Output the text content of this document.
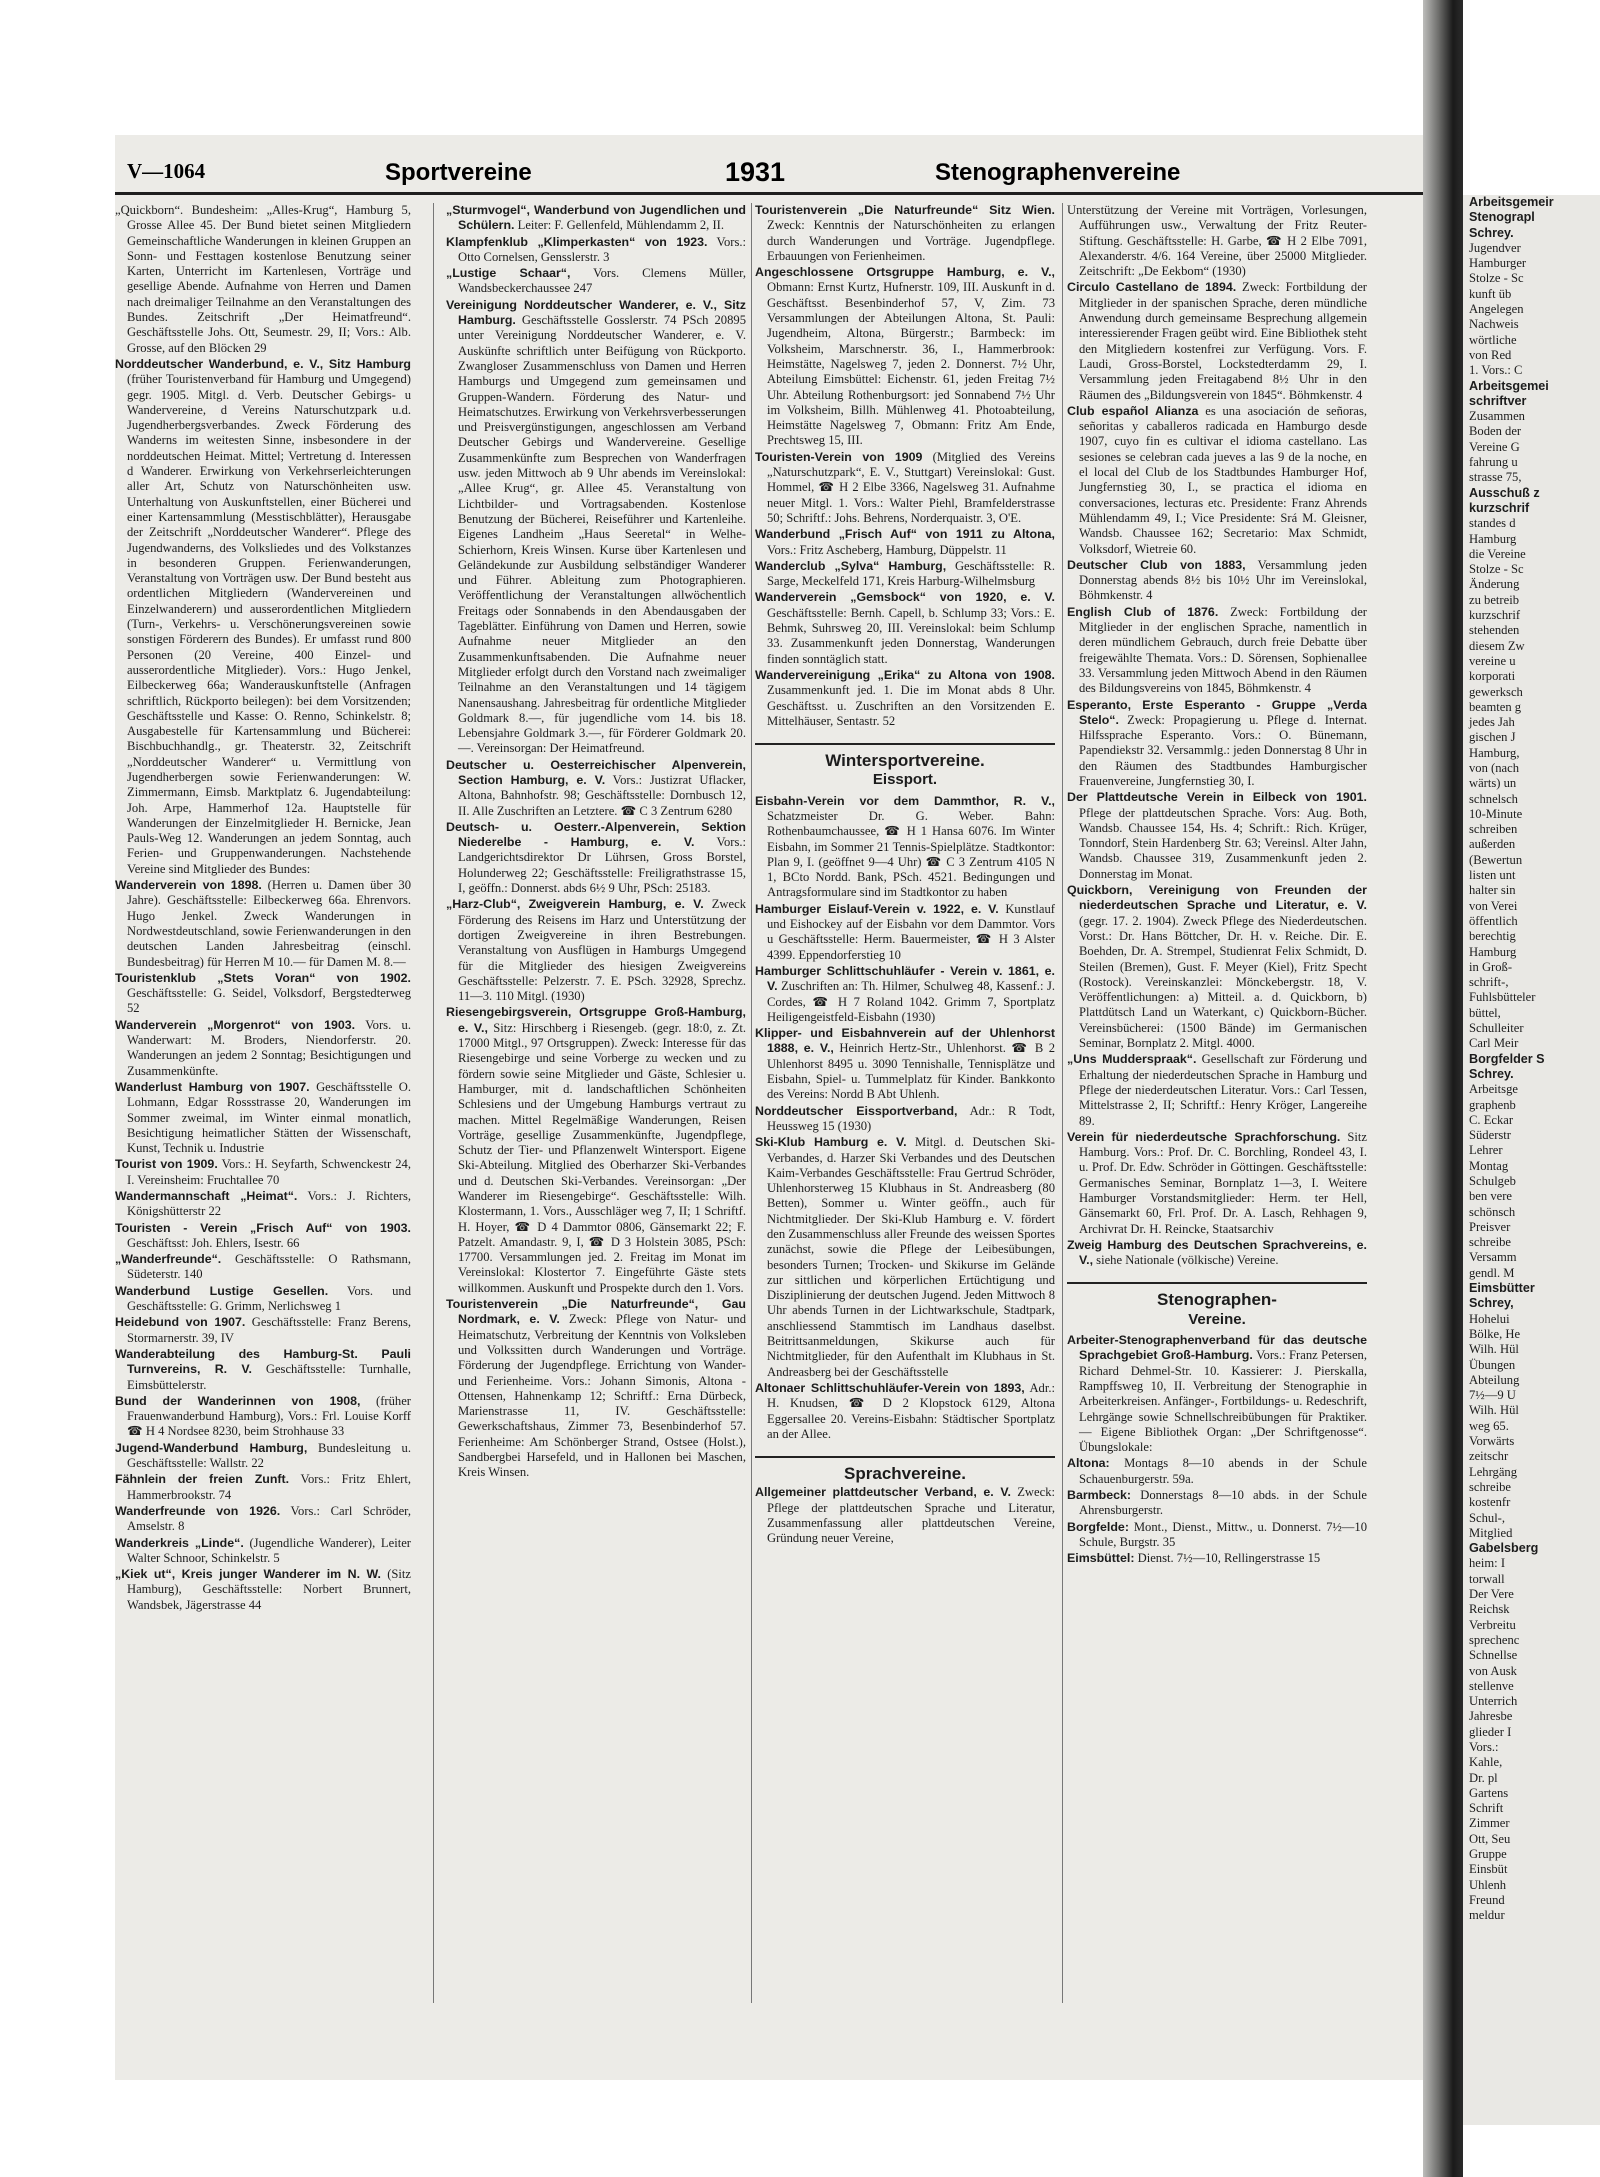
V—1064	Sportvereine	1931	Stenographenvereine
„Quickborn“. Bundesheim: „Alles-Krug“, Hamburg 5, Grosse Allee 45. Der Bund bietet seinen Mitgliedern Gemeinschaftliche Wanderungen in kleinen Gruppen an Sonn- und Festtagen kostenlose Benutzung seiner Karten, Unterricht im Kartenlesen, Vorträge und gesellige Abende. Aufnahme von Herren und Damen nach dreimaliger Teilnahme an den Veranstaltungen des Bundes. Zeitschrift „Der Heimatfreund“. Geschäftsstelle Johs. Ott, Seumestr. 29, II; Vors.: Alb. Grosse, auf den Blöcken 29
Norddeutscher Wanderbund, e. V., Sitz Hamburg (früher Touristenverband für Hamburg und Umgegend) gegr. 1905. Mitgl. d. Verb. Deutscher Gebirgs- u Wandervereine, d Vereins Naturschutzpark u.d. Jugendherbergsverbandes. Zweck Förderung des Wanderns im weitesten Sinne, insbesondere in der norddeutschen Heimat. Mittel; Vertretung d. Interessen d Wanderer. Erwirkung von Verkehrserleichterungen aller Art, Schutz von Naturschönheiten usw. Unterhaltung von Auskunftstellen, einer Bücherei und einer Kartensammlung (Messtischblätter), Herausgabe der Zeitschrift „Norddeutscher Wanderer“. Pflege des Jugendwanderns, des Volksliedes und des Volkstanzes in besonderen Gruppen. Ferienwanderungen, Veranstaltung von Vorträgen usw. Der Bund besteht aus ordentlichen Mitgliedern (Wandervereinen und Einzelwanderern) und ausserordentlichen Mitgliedern (Turn-, Verkehrs- u. Verschönerungsvereinen sowie sonstigen Förderern des Bundes). Er umfasst rund 800 Personen (20 Vereine, 400 Einzel- und ausserordentliche Mitglieder). Vors.: Hugo Jenkel, Eilbeckerweg 66a; Wanderauskunftstelle (Anfragen schriftlich, Rückporto beilegen): bei dem Vorsitzenden; Geschäftsstelle und Kasse: O. Renno, Schinkelstr. 8; Ausgabestelle für Kartensammlung und Bücherei: Bischbuchhandlg., gr. Theaterstr. 32, Zeitschrift „Norddeutscher Wanderer“ u. Vermittlung von Jugendherbergen sowie Ferienwanderungen: W. Zimmermann, Eimsb. Marktplatz 6. Jugendabteilung: Joh. Arpe, Hammerhof 12a. Hauptstelle für Wanderungen der Einzelmitglieder H. Bernicke, Jean Pauls-Weg 12. Wanderungen an jedem Sonntag, auch Ferien- und Gruppenwanderungen. Nachstehende Vereine sind Mitglieder des Bundes:
Wanderverein von 1898. (Herren u. Damen über 30 Jahre). Geschäftsstelle: Eilbeckerweg 66a. Ehrenvors. Hugo Jenkel. Zweck Wanderungen in Nordwestdeutschland, sowie Ferienwanderungen in den deutschen Landen Jahresbeitrag (einschl. Bundesbeitrag) für Herren M 10.— für Damen M. 8.—
Touristenklub „Stets Voran“ von 1902. Geschäftsstelle: G. Seidel, Volksdorf, Bergstedterweg 52
Wanderverein „Morgenrot“ von 1903. Vors. u. Wanderwart: M. Broders, Niendorferstr. 20. Wanderungen an jedem 2 Sonntag; Besichtigungen und Zusammenkünfte.
Wanderlust Hamburg von 1907. Geschäftsstelle O. Lohmann, Edgar Rossstrasse 20, Wanderungen im Sommer zweimal, im Winter einmal monatlich, Besichtigung heimatlicher Stätten der Wissenschaft, Kunst, Technik u. Industrie
Tourist von 1909. Vors.: H. Seyfarth, Schwenckestr 24, I. Vereinsheim: Fruchtallee 70
Wandermannschaft „Heimat“. Vors.: J. Richters, Königshütterstr 22
Touristen - Verein „Frisch Auf“ von 1903. Geschäftsst: Joh. Ehlers, Isestr. 66
„Wanderfreunde“. Geschäftsstelle: O Rathsmann, Südeterstr. 140
Wanderbund Lustige Gesellen. Vors. und Geschäftsstelle: G. Grimm, Nerlichsweg 1
Heidebund von 1907. Geschäftsstelle: Franz Berens, Stormarnerstr. 39, IV
Wanderabteilung des Hamburg-St. Pauli Turnvereins, R. V. Geschäftsstelle: Turnhalle, Eimsbüttelerstr.
Bund der Wanderinnen von 1908, (früher Frauenwanderbund Hamburg), Vors.: Frl. Louise Korff ☎ H 4 Nordsee 8230, beim Strohhause 33
Jugend-Wanderbund Hamburg, Bundesleitung u. Geschäftsstelle: Wallstr. 22
Fähnlein der freien Zunft. Vors.: Fritz Ehlert, Hammerbrookstr. 74
Wanderfreunde von 1926. Vors.: Carl Schröder, Amselstr. 8
Wanderkreis „Linde“. (Jugendliche Wanderer), Leiter Walter Schnoor, Schinkelstr. 5
„Kiek ut“, Kreis junger Wanderer im N. W. (Sitz Hamburg), Geschäftsstelle: Norbert Brunnert, Wandsbek, Jägerstrasse 44
„Sturmvogel“, Wanderbund von Jugendlichen und Schülern. Leiter: F. Gellenfeld, Mühlendamm 2, II.
Klampfenklub „Klimperkasten“ von 1923. Vors.: Otto Cornelsen, Gensslerstr. 3
„Lustige Schaar“, Vors. Clemens Müller, Wandsbeckerchaussee 247
Vereinigung Norddeutscher Wanderer, e. V., Sitz Hamburg. Geschäftsstelle Gosslerstr. 74 PSch 20895 unter Vereinigung Norddeutscher Wanderer, e. V. Auskünfte schriftlich unter Beifügung von Rückporto. Zwangloser Zusammenschluss von Damen und Herren Hamburgs und Umgegend zum gemeinsamen und Gruppen-Wandern. Förderung des Natur- und Heimatschutzes. Erwirkung von Verkehrsverbesserungen und Preisvergünstigungen, angeschlossen am Verband Deutscher Gebirgs und Wandervereine. Gesellige Zusammenkünfte zum Besprechen von Wanderfragen usw. jeden Mittwoch ab 9 Uhr abends im Vereinslokal: „Allee Krug“, gr. Allee 45. Veranstaltung von Lichtbilder- und Vortragsabenden. Kostenlose Benutzung der Bücherei, Reiseführer und Kartenleihe. Eigenes Landheim „Haus Seeretal“ in Welhe-Schierhorn, Kreis Winsen. Kurse über Kartenlesen und Geländekunde zur Ausbildung selbständiger Wanderer und Führer. Ableitung zum Photographieren. Veröffentlichung der Veranstaltungen allwöchentlich Freitags oder Sonnabends in den Abendausgaben der Tageblätter. Einführung von Damen und Herren, sowie Aufnahme neuer Mitglieder an den Zusammenkunftsabenden. Die Aufnahme neuer Mitglieder erfolgt durch den Vorstand nach zweimaliger Teilnahme an den Veranstaltungen und 14 tägigem Nanensaushang. Jahresbeitrag für ordentliche Mitglieder Goldmark 8.—, für jugendliche vom 14. bis 18. Lebensjahre Goldmark 3.—, für Förderer Goldmark 20.—. Vereinsorgan: Der Heimatfreund.
Deutscher u. Oesterreichischer Alpenverein, Section Hamburg, e. V. Vors.: Justizrat Uflacker, Altona, Bahnhofstr. 98; Geschäftsstelle: Dornbusch 12, II. Alle Zuschriften an Letztere. ☎ C 3 Zentrum 6280
Deutsch- u. Oesterr.-Alpenverein, Sektion Niederelbe - Hamburg, e. V. Vors.: Landgerichtsdirektor Dr Lührsen, Gross Borstel, Holunderweg 22; Geschäftsstelle: Freiligrathstrasse 15, I, geöffn.: Donnerst. abds 6½ 9 Uhr, PSch: 25183.
„Harz-Club“, Zweigverein Hamburg, e. V. Zweck Förderung des Reisens im Harz und Unterstützung der dortigen Zweigvereine in ihren Bestrebungen. Veranstaltung von Ausflügen in Hamburgs Umgegend für die Mitglieder des hiesigen Zweigvereins Geschäftsstelle: Pelzerstr. 7. E. PSch. 32928, Sprechz. 11—3. 110 Mitgl. (1930)
Riesengebirgsverein, Ortsgruppe Groß-Hamburg, e. V., Sitz: Hirschberg i Riesengeb. (gegr. 18:0, z. Zt. 17000 Mitgl., 97 Ortsgruppen). Zweck: Interesse für das Riesengebirge und seine Vorberge zu wecken und zu fördern sowie seine Mitglieder und Gäste, Schlesier u. Hamburger, mit d. landschaftlichen Schönheiten Schlesiens und der Umgebung Hamburgs vertraut zu machen. Mittel Regelmäßige Wanderungen, Reisen Vorträge, gesellige Zusammenkünfte, Jugendpflege, Schutz der Tier- und Pflanzenwelt Wintersport. Eigene Ski-Abteilung. Mitglied des Oberharzer Ski-Verbandes und d. Deutschen Ski-Verbandes. Vereinsorgan: „Der Wanderer im Riesengebirge“. Geschäftsstelle: Wilh. Klostermann, 1. Vors., Ausschläger weg 7, II; 1 Schriftf. H. Hoyer, ☎ D 4 Dammtor 0806, Gänsemarkt 22; F. Patzelt. Amandastr. 9, I, ☎ D 3 Holstein 3085, PSch: 17700. Versammlungen jed. 2. Freitag im Monat im Vereinslokal: Klostertor 7. Eingeführte Gäste stets willkommen. Auskunft und Prospekte durch den 1. Vors.
Touristenverein „Die Naturfreunde“, Gau Nordmark, e. V. Zweck: Pflege von Natur- und Heimatschutz, Verbreitung der Kenntnis von Volksleben und Volkssitten durch Wanderungen und Vorträge. Förderung der Jugendpflege. Errichtung von Wander- und Ferienheime. Vors.: Johann Simonis, Altona - Ottensen, Hahnenkamp 12; Schriftf.: Erna Dürbeck, Marienstrasse 11, IV. Geschäftsstelle: Gewerkschaftshaus, Zimmer 73, Besenbinderhof 57. Ferienheime: Am Schönberger Strand, Ostsee (Holst.), Sandbergbei Harsefeld, und in Hallonen bei Maschen, Kreis Winsen.
Touristenverein „Die Naturfreunde“ Sitz Wien. Zweck: Kenntnis der Naturschönheiten zu erlangen durch Wanderungen und Vorträge. Jugendpflege. Erbauungen von Ferienheimen.
Angeschlossene Ortsgruppe Hamburg, e. V., Obmann: Ernst Kurtz, Hufnerstr. 109, III. Auskunft in d. Geschäftsst. Besenbinderhof 57, V, Zim. 73 Versammlungen der Abteilungen Altona, St. Pauli: Jugendheim, Altona, Bürgerstr.; Barmbeck: im Volksheim, Marschnerstr. 36, I., Hammerbrook: Heimstätte, Nagelsweg 7, jeden 2. Donnerst. 7½ Uhr, Abteilung Eimsbüttel: Eichenstr. 61, jeden Freitag 7½ Uhr. Abteilung Rothenburgsort: jed Sonnabend 7½ Uhr im Volksheim, Billh. Mühlenweg 41. Photoabteilung, Heimstätte Nagelsweg 7, Obmann: Fritz Am Ende, Prechtsweg 15, III.
Touristen-Verein von 1909 (Mitglied des Vereins „Naturschutzpark“, E. V., Stuttgart) Vereinslokal: Gust. Hommel, ☎ H 2 Elbe 3366, Nagelsweg 31. Aufnahme neuer Mitgl. 1. Vors.: Walter Piehl, Bramfelderstrasse 50; Schriftf.: Johs. Behrens, Norderquaistr. 3, O'E.
Wanderbund „Frisch Auf“ von 1911 zu Altona, Vors.: Fritz Ascheberg, Hamburg, Düppelstr. 11
Wanderclub „Sylva“ Hamburg, Geschäftsstelle: R. Sarge, Meckelfeld 171, Kreis Harburg-Wilhelmsburg
Wanderverein „Gemsbock“ von 1920, e. V. Geschäftsstelle: Bernh. Capell, b. Schlump 33; Vors.: E. Behmk, Suhrsweg 20, III. Vereinslokal: beim Schlump 33. Zusammenkunft jeden Donnerstag, Wanderungen finden sonntäglich statt.
Wandervereinigung „Erika“ zu Altona von 1908. Zusammenkunft jed. 1. Die im Monat abds 8 Uhr. Geschäftsst. u. Zuschriften an den Vorsitzenden E. Mittelhäuser, Sentastr. 52
Wintersportvereine.
Eissport.
Eisbahn-Verein vor dem Dammthor, R. V., Schatzmeister Dr. G. Weber. Bahn: Rothenbaumchaussee, ☎ H 1 Hansa 6076. Im Winter Eisbahn, im Sommer 21 Tennis-Spielplätze. Stadtkontor: Plan 9, I. (geöffnet 9—4 Uhr) ☎ C 3 Zentrum 4105 N 1, BCto Nordd. Bank, PSch. 4521. Bedingungen und Antragsformulare sind im Stadtkontor zu haben
Hamburger Eislauf-Verein v. 1922, e. V. Kunstlauf und Eishockey auf der Eisbahn vor dem Dammtor. Vors u Geschäftsstelle: Herm. Bauermeister, ☎ H 3 Alster 4399. Eppendorferstieg 10
Hamburger Schlittschuhläufer - Verein v. 1861, e. V. Zuschriften an: Th. Hilmer, Schulweg 48, Kassenf.: J. Cordes, ☎ H 7 Roland 1042. Grimm 7, Sportplatz Heiligengeistfeld-Eisbahn (1930)
Klipper- und Eisbahnverein auf der Uhlenhorst 1888, e. V., Heinrich Hertz-Str., Uhlenhorst. ☎ B 2 Uhlenhorst 8495 u. 3090 Tennishalle, Tennisplätze und Eisbahn, Spiel- u. Tummelplatz für Kinder. Bankkonto des Vereins: Nordd B Abt Uhlenh.
Norddeutscher Eissportverband, Adr.: R Todt, Heussweg 15 (1930)
Ski-Klub Hamburg e. V. Mitgl. d. Deutschen Ski-Verbandes, d. Harzer Ski Verbandes und des Deutschen Kaim-Verbandes Geschäftsstelle: Frau Gertrud Schröder, Uhlenhorsterweg 15 Klubhaus in St. Andreasberg (80 Betten), Sommer u. Winter geöffn., auch für Nichtmitglieder. Der Ski-Klub Hamburg e. V. fördert den Zusammenschluss aller Freunde des weissen Sportes zunächst, sowie die Pflege der Leibesübungen, besonders Turnen; Trocken- und Skikurse im Gelände zur sittlichen und körperlichen Ertüchtigung und Disziplinierung der deutschen Jugend. Jeden Mittwoch 8 Uhr abends Turnen in der Lichtwarkschule, Stadtpark, anschliessend Stammtisch im Landhaus daselbst. Beitrittsanmeldungen, Skikurse auch für Nichtmitglieder, für den Aufenthalt im Klubhaus in St. Andreasberg bei der Geschäftsstelle
Altonaer Schlittschuhläufer-Verein von 1893, Adr.: H. Knudsen, ☎ D 2 Klopstock 6129, Altona Eggersallee 20. Vereins-Eisbahn: Städtischer Sportplatz an der Allee.
Sprachvereine.
Allgemeiner plattdeutscher Verband, e. V. Zweck: Pflege der plattdeutschen Sprache und Literatur, Zusammenfassung aller plattdeutschen Vereine, Gründung neuer Vereine,
Unterstützung der Vereine mit Vorträgen, Vorlesungen, Aufführungen usw., Verwaltung der Fritz Reuter-Stiftung. Geschäftsstelle: H. Garbe, ☎ H 2 Elbe 7091, Alexanderstr. 4/6. 164 Vereine, über 25000 Mitglieder. Zeitschrift: „De Eekbom“ (1930)
Circulo Castellano de 1894. Zweck: Fortbildung der Mitglieder in der spanischen Sprache, deren mündliche Anwendung durch gemeinsame Besprechung allgemein interessierender Fragen geübt wird. Eine Bibliothek steht den Mitgliedern kostenfrei zur Verfügung. Vors. F. Laudi, Gross-Borstel, Lockstedterdamm 29, I. Versammlung jeden Freitagabend 8½ Uhr in den Räumen des „Bildungsverein von 1845“. Böhmkenstr. 4
Club español Alianza es una asociación de señoras, señoritas y caballeros radicada en Hamburgo desde 1907, cuyo fin es cultivar el idioma castellano. Las sesiones se celebran cada jueves a las 9 de la noche, en el local del Club de los Stadtbundes Hamburger Hof, Jungfernstieg 30, I., se practica el idioma en conversaciones, lecturas etc. Presidente: Franz Ahrends Mühlendamm 49, I.; Vice Presidente: Srá M. Gleisner, Wandsb. Chaussee 162; Secretario: Max Schmidt, Volksdorf, Wietreie 60.
Deutscher Club von 1883, Versammlung jeden Donnerstag abends 8½ bis 10½ Uhr im Vereinslokal, Böhmkenstr. 4
English Club of 1876. Zweck: Fortbildung der Mitglieder in der englischen Sprache, namentlich in deren mündlichem Gebrauch, durch freie Debatte über freigewählte Themata. Vors.: D. Sörensen, Sophienallee 33. Versammlung jeden Mittwoch Abend in den Räumen des Bildungsvereins von 1845, Böhmkenstr. 4
Esperanto, Erste Esperanto - Gruppe „Verda Stelo“. Zweck: Propagierung u. Pflege d. Internat. Hilfssprache Esperanto. Vors.: O. Bünemann, Papendiekstr 32. Versammlg.: jeden Donnerstag 8 Uhr in den Räumen des Stadtbundes Hamburgischer Frauenvereine, Jungfernstieg 30, I.
Der Plattdeutsche Verein in Eilbeck von 1901. Pflege der plattdeutschen Sprache. Vors: Aug. Both, Wandsb. Chaussee 154, Hs. 4; Schrift.: Rich. Krüger, Tonndorf, Stein Hardenberg Str. 63; Vereinsl. Alter Jahn, Wandsb. Chaussee 319, Zusammenkunft jeden 2. Donnerstag im Monat.
Quickborn, Vereinigung von Freunden der niederdeutschen Sprache und Literatur, e. V. (gegr. 17. 2. 1904). Zweck Pflege des Niederdeutschen. Vorst.: Dr. Hans Böttcher, Dr. H. v. Reiche. Dir. E. Boehden, Dr. A. Strempel, Studienrat Felix Schmidt, D. Steilen (Bremen), Gust. F. Meyer (Kiel), Fritz Specht (Rostock). Vereinskanzlei: Mönckebergstr. 18, V. Veröffentlichungen: a) Mitteil. a. d. Quickborn, b) Plattdütsch Land un Waterkant, c) Quickborn-Bücher. Vereinsbücherei: (1500 Bände) im Germanischen Seminar, Bornplatz 2. Mitgl. 4000.
„Uns Mudderspraak“. Gesellschaft zur Förderung und Erhaltung der niederdeutschen Sprache in Hamburg und Pflege der niederdeutschen Literatur. Vors.: Carl Tessen, Mittelstrasse 2, II; Schriftf.: Henry Kröger, Langereihe 89.
Verein für niederdeutsche Sprachforschung. Sitz Hamburg. Vors.: Prof. Dr. C. Borchling, Rondeel 43, I. u. Prof. Dr. Edw. Schröder in Göttingen. Geschäftsstelle: Germanisches Seminar, Bornplatz 1—3, I. Weitere Hamburger Vorstandsmitglieder: Herm. ter Hell, Gänsemarkt 60, Frl. Prof. Dr. A. Lasch, Rehhagen 9, Archivrat Dr. H. Reincke, Staatsarchiv
Zweig Hamburg des Deutschen Sprachvereins, e. V., siehe Nationale (völkische) Vereine.
Stenographen-
Vereine.
Arbeiter-Stenographenverband für das deutsche Sprachgebiet Groß-Hamburg. Vors.: Franz Petersen, Richard Dehmel-Str. 10. Kassierer: J. Pierskalla, Rampffsweg 10, II. Verbreitung der Stenographie in Arbeiterkreisen. Anfänger-, Fortbildungs- u. Redeschrift, Lehrgänge sowie Schnellschreibübungen für Praktiker. — Eigene Bibliothek Organ: „Der Schriftgenosse“. Übungslokale:
Altona: Montags 8—10 abends in der Schule Schauenburgerstr. 59a.
Barmbeck: Donnerstags 8—10 abds. in der Schule Ahrensburgerstr.
Borgfelde: Mont., Dienst., Mittw., u. Donnerst. 7½—10 Schule, Burgstr. 35
Eimsbüttel: Dienst. 7½—10, Rellingerstrasse 15
Arbeitsgemeir
Stenograpl
Schrey.
Jugendver
Hamburger
Stolze - Sc
kunft üb
Angelegen
Nachweis
wörtliche
von Red
1. Vors.: C
Arbeitsgemei
schriftver
Zusammen
Boden der
Vereine G
fahrung u
strasse 75,
Ausschuß z
kurzschrif
standes d
Hamburg
die Vereine
Stolze - Sc
Änderung
zu betreib
kurzschrif
stehenden
diesem Zw
vereine u
korporati
gewerksch
beamten g
jedes Jah
gischen J
Hamburg,
von (nach
wärts) un
schnelsch
10-Minute
schreiben
außerden
(Bewertun
listen unt
halter sin
von Verei
öffentlich
berechtig
Hamburg
in Groß-
schrift-,
Fuhlsbütteler
büttel,
Schulleiter
Carl Meir
Borgfelder S
Schrey.
Arbeitsge
graphenb
C. Eckar
Süderstr
Lehrer
Montag
Schulgeb
ben vere
schönsch
Preisver
schreibe
Versamm
gendl. M
Eimsbütter
Schrey,
Hohelui
Bölke, He
Wilh. Hül
Übungen
Abteilung
7½—9 U
Wilh. Hül
weg 65.
Vorwärts
zeitschr
Lehrgäng
schreibe
kostenfr
Schul-,
Mitglied
Gabelsberg
heim: I
torwall
Der Vere
Reichsk
Verbreitu
sprechenc
Schnellse
von Ausk
stellenve
Unterrich
Jahresbe
glieder I
Vors.:
Kahle,
Dr. pl
Gartens
Schrift
Zimmer
Ott, Seu
Gruppe
Einsbüt
Uhlenh
Freund
meldur
